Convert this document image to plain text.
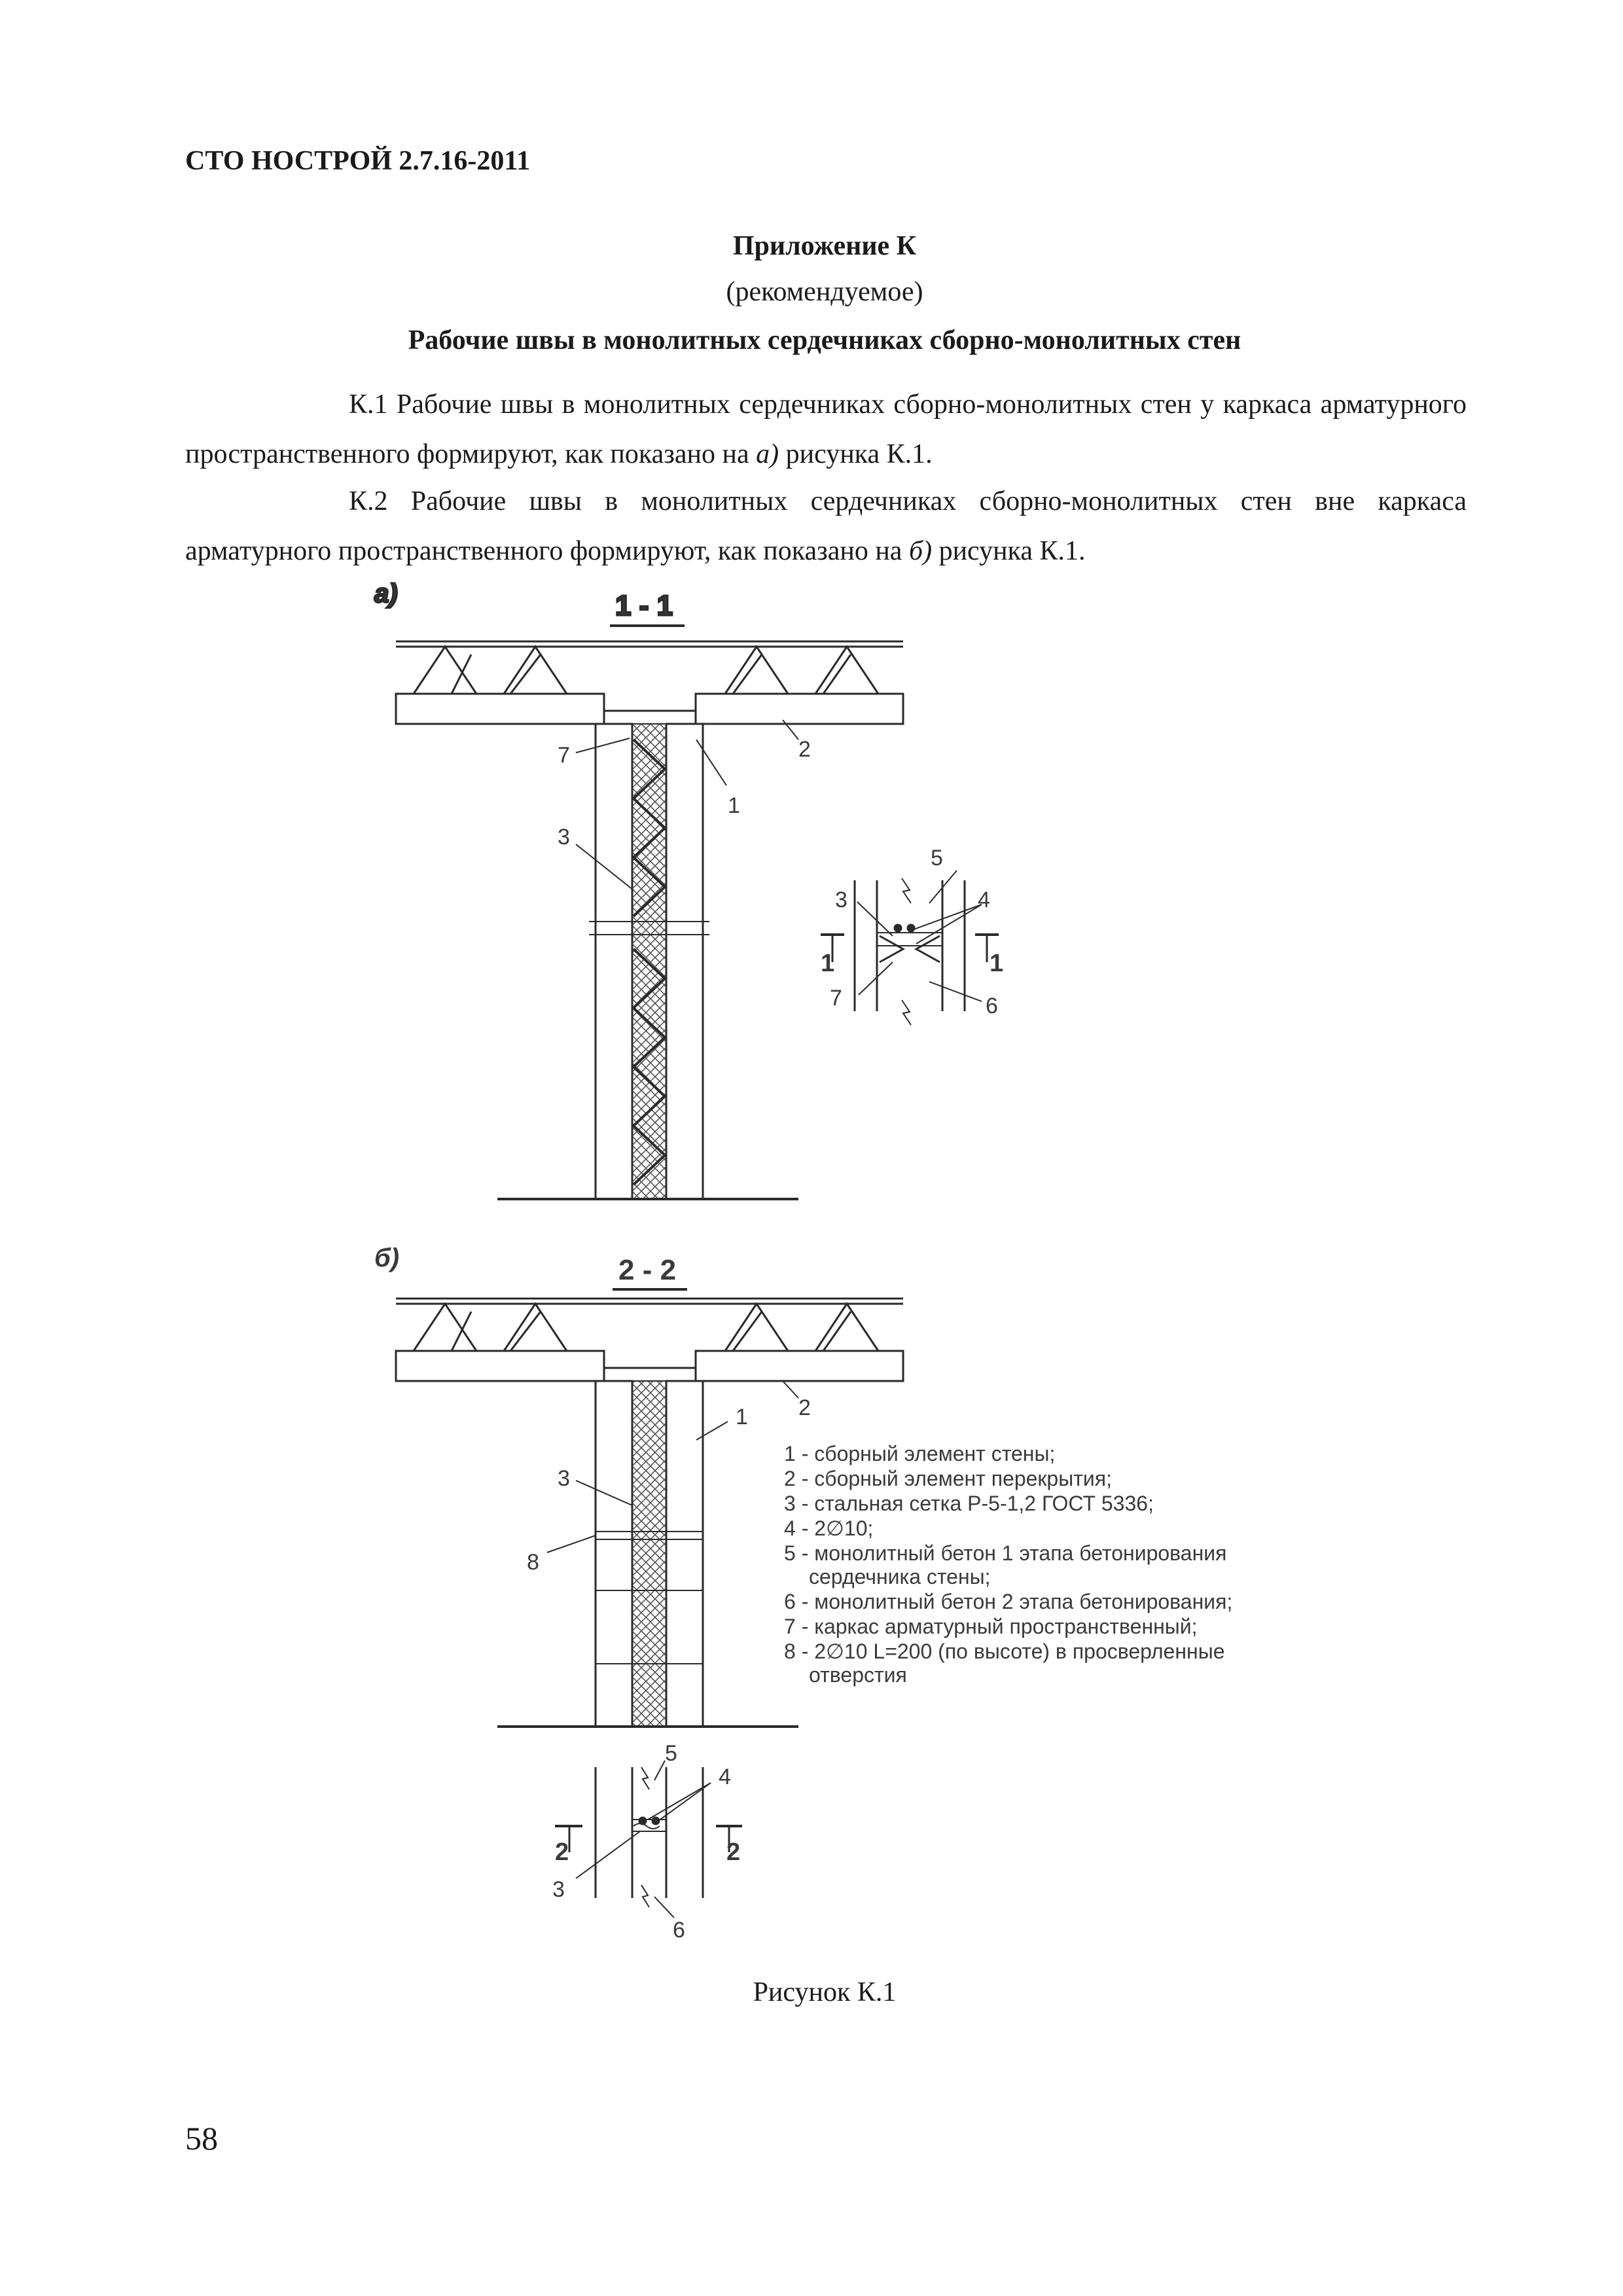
СТО НОСТРОЙ 2.7.16-2011
Приложение К
(рекомендуемое)
Рабочие швы в монолитных сердечниках сборно-монолитных стен
К.1 Рабочие швы в монолитных сердечниках сборно-монолитных стен у каркаса арматурного пространственного формируют, как показано на а) рисунка К.1.
К.2 Рабочие швы в монолитных сердечниках сборно-монолитных стен вне каркаса арматурного пространственного формируют, как показано на б) рисунка К.1.
а)	1 - 1
7
3
1
2
3
5
4
7	6
1	1
б)	2 - 2
3
8
1 2
1 - сборный элемент стены;
2 - сборный элемент перекрытия;
3 - стальная сетка Р-5-1,2 ГОСТ 5336;
4 - 2∅10;
5 - монолитный бетон 1 этапа бетонирования
сердечника стены;
6 - монолитный бетон 2 этапа бетонирования;
7 - каркас арматурный пространственный;
8 - 2∅10 L=200 (по высоте) в просверленные
отверстия
5
4
3
6
2	2
Рисунок К.1
58
